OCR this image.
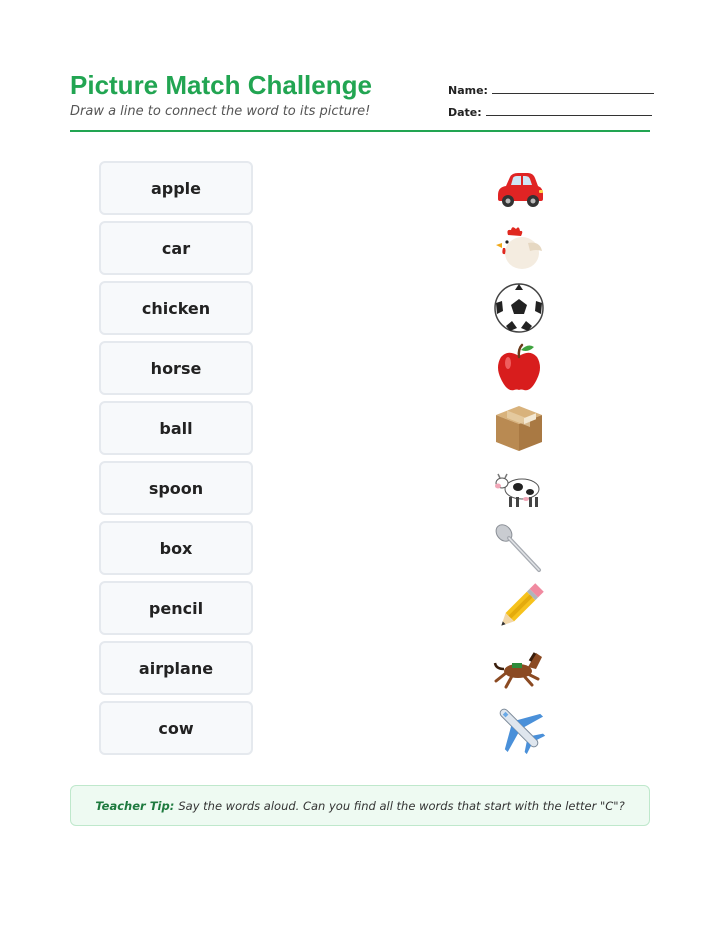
Picture Match Challenge
Draw a line to connect the word to its picture!
Name:
Date:
apple
car
chicken
horse
ball
spoon
box
pencil
airplane
cow
Teacher Tip: Say the words aloud. Can you find all the words that start with the letter "C"?
